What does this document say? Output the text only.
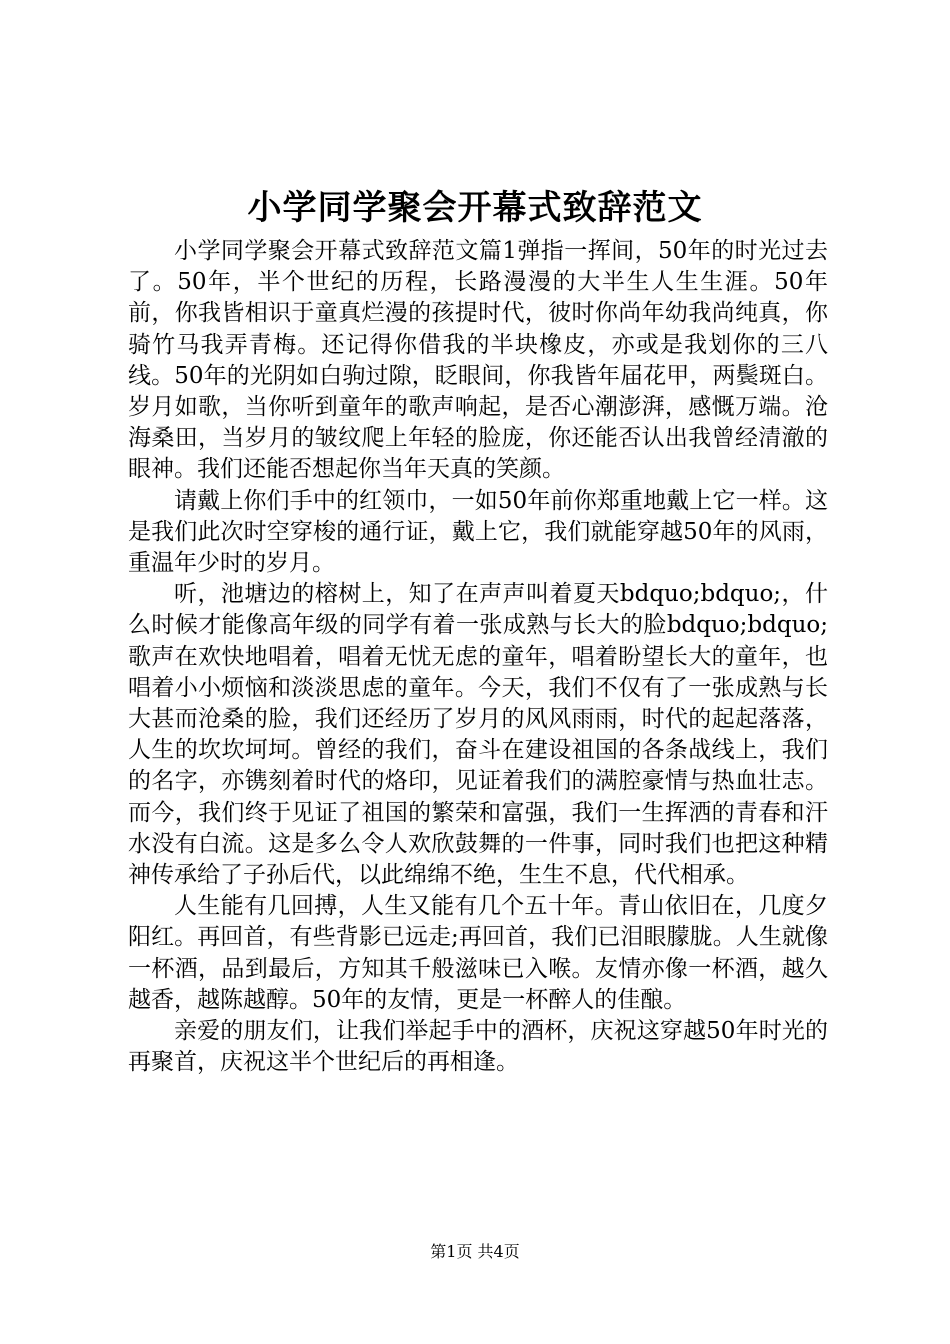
小学同学聚会开幕式致辞范文

小学同学聚会开幕式致辞范文篇1弹指一挥间，50年的时光过去了。50年，半个世纪的历程，长路漫漫的大半生人生生涯。50年前，你我皆相识于童真烂漫的孩提时代，彼时你尚年幼我尚纯真，你骑竹马我弄青梅。还记得你借我的半块橡皮，亦或是我划你的三八线。50年的光阴如白驹过隙，眨眼间，你我皆年届花甲，两鬓斑白。岁月如歌，当你听到童年的歌声响起，是否心潮澎湃，感慨万端。沧海桑田，当岁月的皱纹爬上年轻的脸庞，你还能否认出我曾经清澈的眼神。我们还能否想起你当年天真的笑颜。

请戴上你们手中的红领巾，一如50年前你郑重地戴上它一样。这是我们此次时空穿梭的通行证，戴上它，我们就能穿越50年的风雨，重温年少时的岁月。

听，池塘边的榕树上，知了在声声叫着夏天bdquo;bdquo;，什么时候才能像高年级的同学有着一张成熟与长大的脸bdquo;bdquo;歌声在欢快地唱着，唱着无忧无虑的童年，唱着盼望长大的童年，也唱着小小烦恼和淡淡思虑的童年。今天，我们不仅有了一张成熟与长大甚而沧桑的脸，我们还经历了岁月的风风雨雨，时代的起起落落，人生的坎坎坷坷。曾经的我们，奋斗在建设祖国的各条战线上，我们的名字，亦镌刻着时代的烙印，见证着我们的满腔豪情与热血壮志。而今，我们终于见证了祖国的繁荣和富强，我们一生挥洒的青春和汗水没有白流。这是多么令人欢欣鼓舞的一件事，同时我们也把这种精神传承给了子孙后代，以此绵绵不绝，生生不息，代代相承。

人生能有几回搏，人生又能有几个五十年。青山依旧在，几度夕阳红。再回首，有些背影已远走;再回首，我们已泪眼朦胧。人生就像一杯酒，品到最后，方知其千般滋味已入喉。友情亦像一杯酒，越久越香，越陈越醇。50年的友情，更是一杯醉人的佳酿。

亲爱的朋友们，让我们举起手中的酒杯，庆祝这穿越50年时光的再聚首，庆祝这半个世纪后的再相逢。

第1页 共4页
